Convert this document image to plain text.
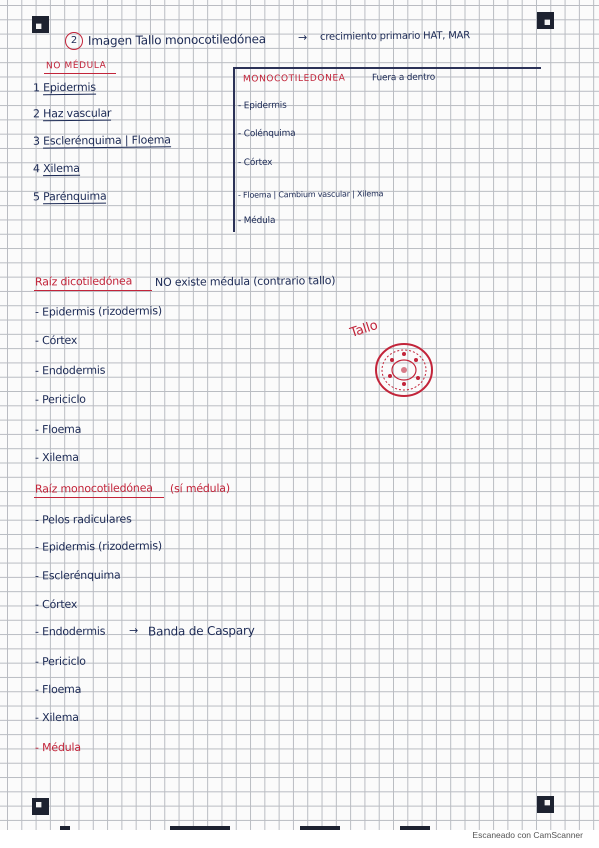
2 Imagen Tallo monocotiledónea	→ crecimiento primario HAT, MAR
NO MÉDULA
1 Epidermis
2 Haz vascular
3 Esclerénquima | Floema
4 Xilema
5 Parénquima
MONOCOTILEDONEA	Fuera a dentro
- Epidermis
- Colénquima
- Córtex
- Floema | Cambium vascular | Xilema
- Médula
Raíz dicotiledónea NO existe médula (contrario tallo)
- Epidermis (rizodermis)
- Córtex
- Endodermis
- Periciclo
- Floema
- Xilema
Tallo
Raíz monocotiledónea (sí médula)
- Pelos radiculares
- Epidermis (rizodermis)
- Esclerénquima
- Córtex
- Endodermis → Banda de Caspary
- Periciclo
- Floema
- Xilema
- Médula
Escaneado con CamScanner
